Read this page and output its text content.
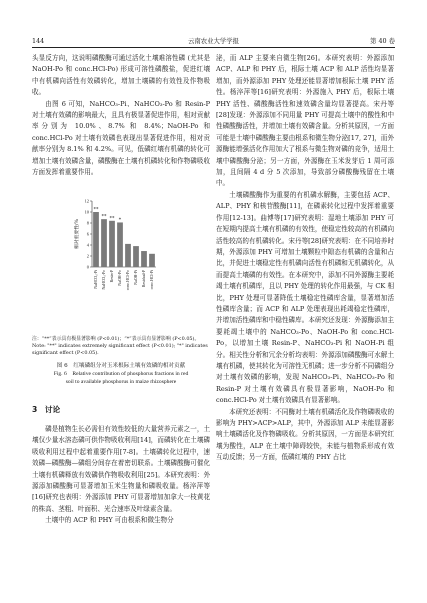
144	云南农业大学学报	第 40 卷

头显反方向，这说明磷酸酶可通过活化土壤难溶性磷 (尤其是 NaOH-Po 和 conc.HCl-Po) 形成可溶性磷酸盐，促进红壤中有机磷向活性有效磷转化，增加土壤磷的有效性及作物吸收。

由图 6 可知，NaHCO₃-Pi、NaHCO₃-Po 和 Resin-P 对土壤有效磷的影响最大，且具有极显著促进作用，相对贡献率分别为 10.0%、8.7% 和 8.4%；NaOH-Po 和 conc.HCl-Po 对土壤有效磷也表现出显著促进作用，相对贡献率分别为 8.1% 和 4.2%。可见，低磷红壤有机磷的转化可增加土壤有效磷含量，磷酸酶在土壤有机磷转化和作物磷吸收方面发挥着重要作用。

0
2
4
6
8
10
12
相对重要性/%
**
NaHCO₃-Pi
**
NaHCO₃-Po
**
Resin-P
*
NaOH-Po conc.HCl-Po NaOH-Pi Residual-P conc.HCl-Pi
注：“**”表示具有极显著影响 (P<0.01)；“*”表示具有显著影响 (P<0.05)。
Note: "**" indicates extremely significant effect (P<0.01); "*" indicates significant effect (P<0.05).
图 6　红壤磷组分对玉米根际土壤有效磷的相对贡献
Fig. 6　Relative contribution of phosphorus fractions in red
soil to available phosphorus in maize rhizosphere
3　讨论

磷是植物生长必需但有效性较低的大量营养元素之一，土壤仅少量水溶态磷可供作物吸收利用[14]，而磷转化在土壤磷吸收利用过程中起着重要作用[7-8]。土壤磷转化过程中，速效磷—磷酸酶—磷组分间存在着密切联系。土壤磷酸酶可催化土壤有机磷释放有效磷供作物吸收利用[25]。本研究表明：外源添加磷酸酶可显著增加玉米生物量和磷吸收量。杨淬萍等[16]研究也表明：外源添加 PHY 可显著增加加拿大一枝黄花的株高、茎粗、叶面积、光合速率及叶绿素含量。

土壤中的 ACP 和 PHY 可由根系和微生物分

泌，而 ALP 主要来自微生物[26]。本研究表明：外源添加 ACP、ALP 和 PHY 后，根际土壤 ACP 和 ALP 活性均显著增加，而外源添加 PHY 处理还能显著增加根际土壤 PHY 活性。杨淬萍等[16]研究表明：外源施入 PHY 后，根际土壤 PHY 活性、磷酸酶活性和速效磷含量均显著提高。宋丹等[28]发现：外源添加不同用量 PHY 可提高土壤中的酸性和中性磷酸酶活性，并增加土壤有效磷含量。分析其原因，一方面可能是土壤中磷酸酶主要由根系和微生物分泌[17, 27]，而外源酶能增强活化作用加大了根系与微生物对磷的竞争，适用土壤中磷酸酶分泌；另一方面，外源酶在玉米发芽后 1 周可添加，且间隔 4 d 分 5 次添加，导致部分磷酸酶残留在土壤中。

土壤磷酸酶作为重要的有机磷水解酶，主要包括 ACP、ALP、PHY 和核苷酸酶[11]，在磷素转化过程中发挥着重要作用[12-13]。曲博等[17]研究表明：湿地土壤添加 PHY 可在短期内提高土壤有机磷的有效性，使稳定性较高的有机磷向活性较高的有机磷转化。宋丹等[28]研究表明：在不同培养时期，外源添加 PHY 可增加土壤颗粒中隙态有机磷的含量和占比，并促进土壤稳定性有机磷向活性有机磷和无机磷转化，从而提高土壤磷的有效性。在本研究中，添加不同外源酶主要耗竭土壤有机磷库，且以 PHY 处理的转化作用最强，与 CK 相比，PHY 处理可显著降低土壤稳定性磷库含量，显著增加活性磷库含量；而 ACP 和 ALP 处理表现出耗竭稳定性磷库，并增加活性磷库和中稳性磷库。本研究还发现：外源酶添加主要耗竭土壤中的 NaHCO₃-Po、NaOH-Po 和 conc.HCl-Po，以增加土壤 Resin-P、NaHCO₃-Pi 和 NaOH-Pi 组分。相关性分析和冗余分析均表明：外源添加磷酸酶可水解土壤有机磷，使其转化为可溶性无机磷；进一步分析不同磷组分对土壤有效磷的影响，发现 NaHCO₃-Pi、NaHCO₃-Po 和 Resin-P 对土壤有效磷具有极显著影响，NaOH-Po 和 conc.HCl-Po 对土壤有效磷具有显著影响。

本研究还表明：不同酶对土壤有机磷活化及作物磷吸收的影响为 PHY>ACP>ALP，其中，外源添加 ALP 未能显著影响土壤磷活化及作物磷吸收。分析其原因，一方面是本研究红壤为酸性，ALP 在土壤中障碍较快，未能与植物系形成有效互动反馈；另一方面，低磷红壤的 PHY 占比
